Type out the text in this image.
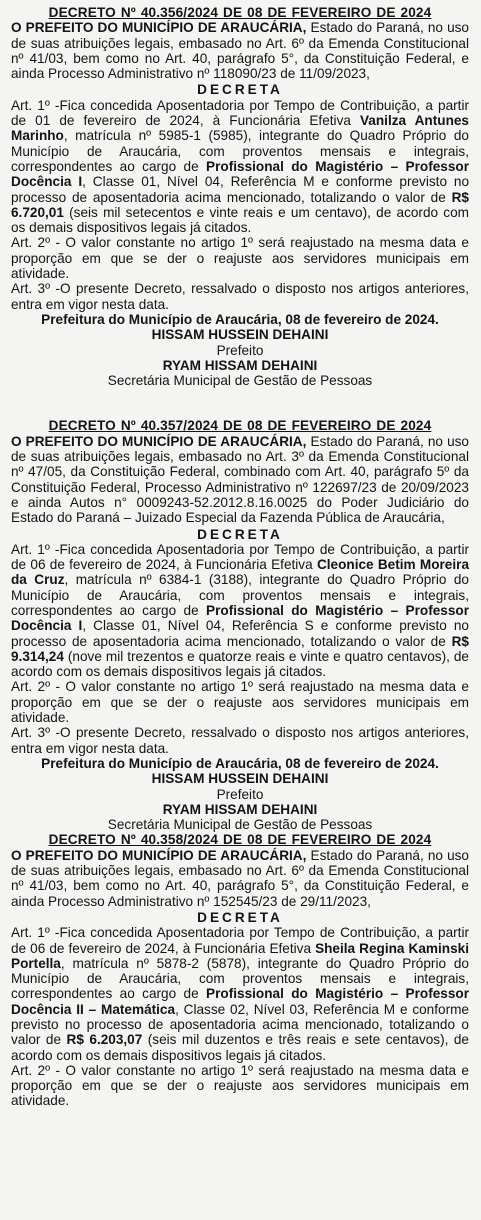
DECRETO Nº 40.356/2024 DE 08 DE FEVEREIRO DE 2024
O PREFEITO DO MUNICÍPIO DE ARAUCÁRIA, Estado do Paraná, no uso de suas atribuições legais, embasado no Art. 6º da Emenda Constitucional nº 41/03, bem como no Art. 40, parágrafo 5°, da Constituição Federal, e ainda Processo Administrativo nº 118090/23 de 11/09/2023,
DECRETA
Art. 1º -Fica concedida Aposentadoria por Tempo de Contribuição, a partir de 01 de fevereiro de 2024, à Funcionária Efetiva Vanilza Antunes Marinho, matrícula nº 5985-1 (5985), integrante do Quadro Próprio do Município de Araucária, com proventos mensais e integrais, correspondentes ao cargo de Profissional do Magistério – Professor Docência I, Classe 01, Nível 04, Referência M e conforme previsto no processo de aposentadoria acima mencionado, totalizando o valor de R$ 6.720,01 (seis mil setecentos e vinte reais e um centavo), de acordo com os demais dispositivos legais já citados.
Art. 2º - O valor constante no artigo 1º será reajustado na mesma data e proporção em que se der o reajuste aos servidores municipais em atividade.
Art. 3º -O presente Decreto, ressalvado o disposto nos artigos anteriores, entra em vigor nesta data.
Prefeitura do Município de Araucária, 08 de fevereiro de 2024.
HISSAM HUSSEIN DEHAINI
Prefeito
RYAM HISSAM DEHAINI
Secretária Municipal de Gestão de Pessoas
DECRETO Nº 40.357/2024 DE 08 DE FEVEREIRO DE 2024
O PREFEITO DO MUNICÍPIO DE ARAUCÁRIA, Estado do Paraná, no uso de suas atribuições legais, embasado no Art. 3º da Emenda Constitucional nº 47/05, da Constituição Federal, combinado com Art. 40, parágrafo 5º da Constituição Federal, Processo Administrativo nº 122697/23 de 20/09/2023 e ainda Autos n° 0009243-52.2012.8.16.0025 do Poder Judiciário do Estado do Paraná – Juizado Especial da Fazenda Pública de Araucária,
DECRETA
Art. 1º -Fica concedida Aposentadoria por Tempo de Contribuição, a partir de 06 de fevereiro de 2024, à Funcionária Efetiva Cleonice Betim Moreira da Cruz, matrícula nº 6384-1 (3188), integrante do Quadro Próprio do Município de Araucária, com proventos mensais e integrais, correspondentes ao cargo de Profissional do Magistério – Professor Docência I, Classe 01, Nível 04, Referência S e conforme previsto no processo de aposentadoria acima mencionado, totalizando o valor de R$ 9.314,24 (nove mil trezentos e quatorze reais e vinte e quatro centavos), de acordo com os demais dispositivos legais já citados.
Art. 2º - O valor constante no artigo 1º será reajustado na mesma data e proporção em que se der o reajuste aos servidores municipais em atividade.
Art. 3º -O presente Decreto, ressalvado o disposto nos artigos anteriores, entra em vigor nesta data.
Prefeitura do Município de Araucária, 08 de fevereiro de 2024.
HISSAM HUSSEIN DEHAINI
Prefeito
RYAM HISSAM DEHAINI
Secretária Municipal de Gestão de Pessoas
DECRETO Nº 40.358/2024 DE 08 DE FEVEREIRO DE 2024
O PREFEITO DO MUNICÍPIO DE ARAUCÁRIA, Estado do Paraná, no uso de suas atribuições legais, embasado no Art. 6º da Emenda Constitucional nº 41/03, bem como no Art. 40, parágrafo 5°, da Constituição Federal, e ainda Processo Administrativo nº 152545/23 de 29/11/2023,
DECRETA
Art. 1º -Fica concedida Aposentadoria por Tempo de Contribuição, a partir de 06 de fevereiro de 2024, à Funcionária Efetiva Sheila Regina Kaminski Portella, matrícula nº 5878-2 (5878), integrante do Quadro Próprio do Município de Araucária, com proventos mensais e integrais, correspondentes ao cargo de Profissional do Magistério – Professor Docência II – Matemática, Classe 02, Nível 03, Referência M e conforme previsto no processo de aposentadoria acima mencionado, totalizando o valor de R$ 6.203,07 (seis mil duzentos e três reais e sete centavos), de acordo com os demais dispositivos legais já citados.
Art. 2º - O valor constante no artigo 1º será reajustado na mesma data e proporção em que se der o reajuste aos servidores municipais em atividade.
